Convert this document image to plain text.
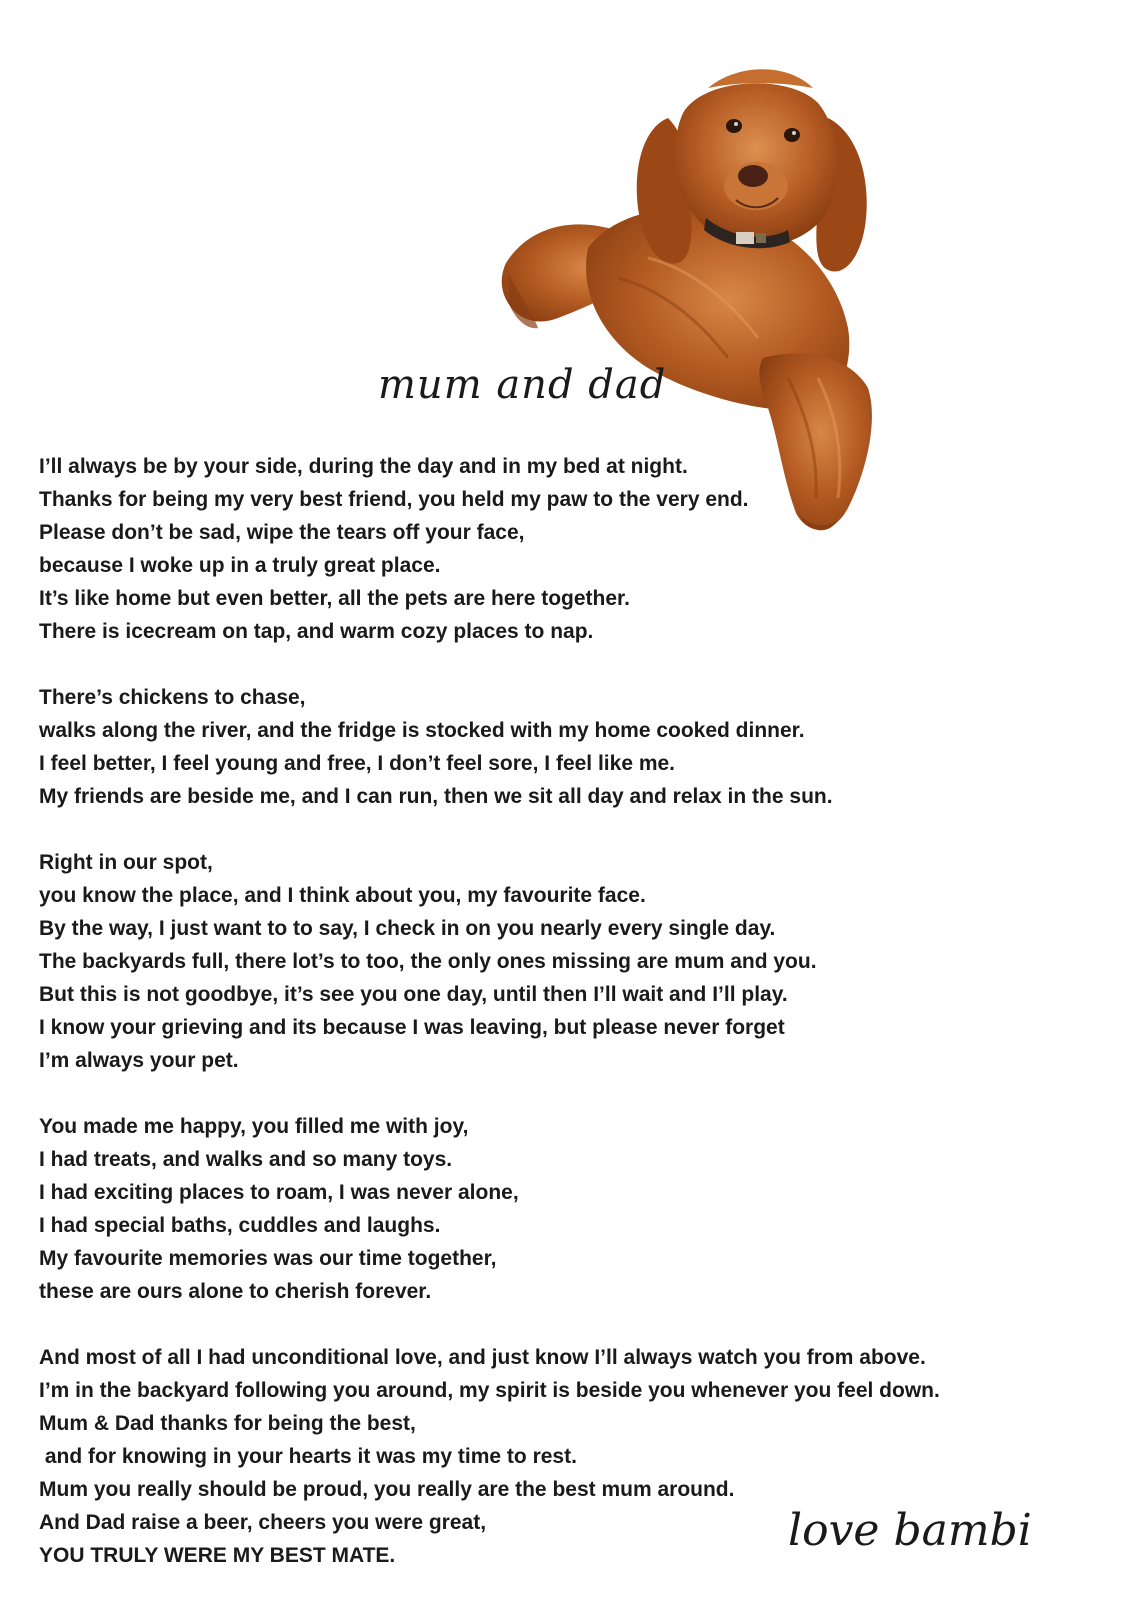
mum and dad
I’ll always be by your side, during the day and in my bed at night.
Thanks for being my very best friend, you held my paw to the very end.
Please don’t be sad, wipe the tears off your face,
because I woke up in a truly great place.
It’s like home but even better, all the pets are here together.
There is icecream on tap, and warm cozy places to nap.
There’s chickens to chase,
walks along the river, and the fridge is stocked with my home cooked dinner.
I feel better, I feel young and free, I don’t feel sore, I feel like me.
My friends are beside me, and I can run, then we sit all day and relax in the sun.
Right in our spot,
you know the place, and I think about you, my favourite face.
By the way, I just want to to say, I check in on you nearly every single day.
The backyards full, there lot’s to too, the only ones missing are mum and you.
But this is not goodbye, it’s see you one day, until then I’ll wait and I’ll play.
I know your grieving and its because I was leaving, but please never forget
I’m always your pet.
You made me happy, you filled me with joy,
I had treats, and walks and so many toys.
I had exciting places to roam, I was never alone,
I had special baths, cuddles and laughs.
My favourite memories was our time together,
these are ours alone to cherish forever.
And most of all I had unconditional love, and just know I’ll always watch you from above.
I’m in the backyard following you around, my spirit is beside you whenever you feel down.
Mum & Dad thanks for being the best,
and for knowing in your hearts it was my time to rest.
Mum you really should be proud, you really are the best mum around.
And Dad raise a beer, cheers you were great,
YOU TRULY WERE MY BEST MATE.	love bambi
